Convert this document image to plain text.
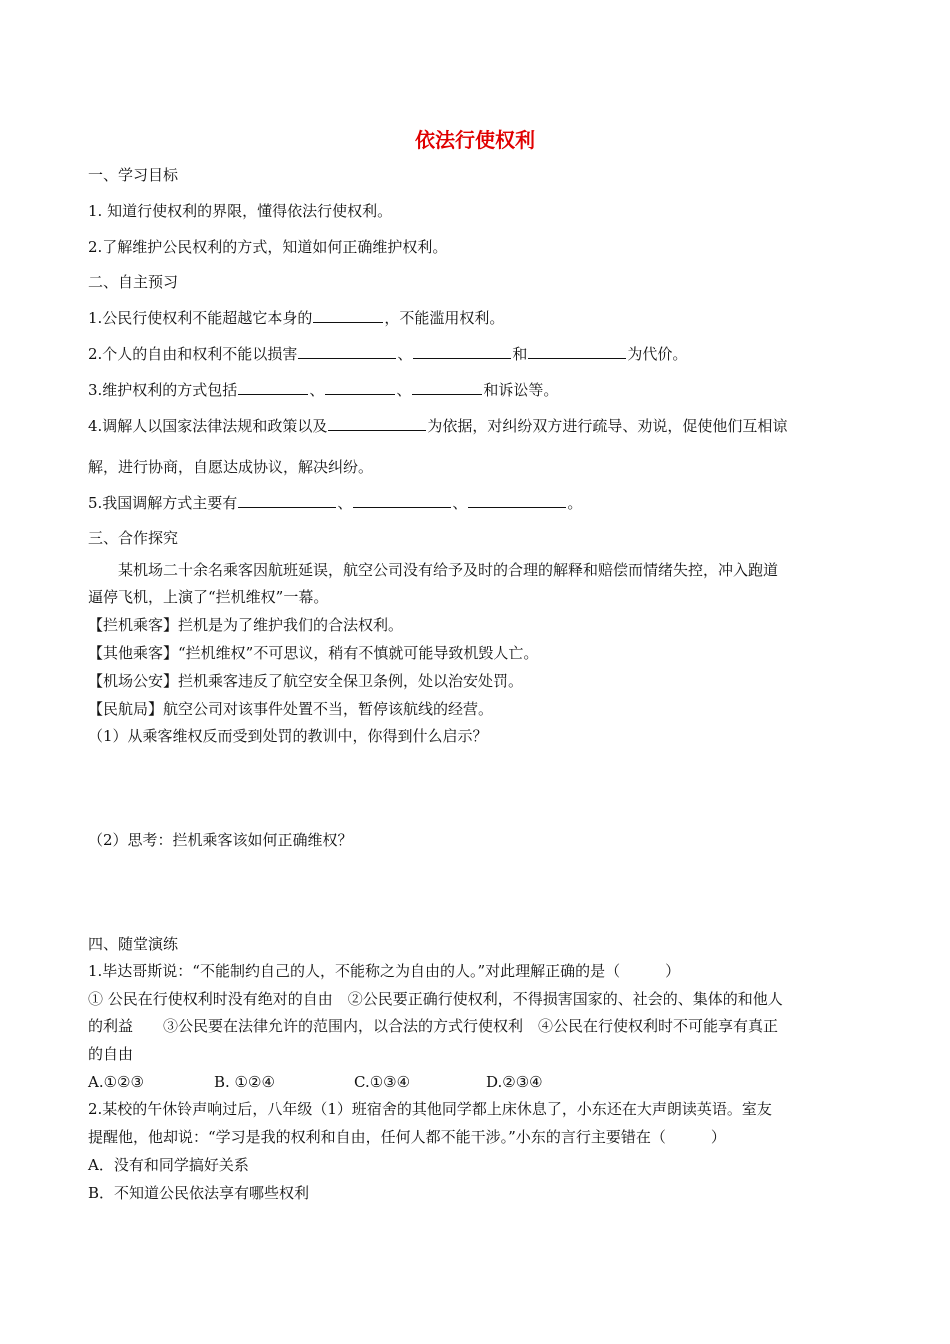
依法行使权利
一、学习目标
1. 知道行使权利的界限，懂得依法行使权利。
2.了解维护公民权利的方式，知道如何正确维护权利。
二、自主预习
1.公民行使权利不能超越它本身的	，不能滥用权利。
2.个人的自由和权利不能以损害	、	和	为代价。
3.维护权利的方式包括	、	、	和诉讼等。
4.调解人以国家法律法规和政策以及	为依据，对纠纷双方进行疏导、劝说，促使他们互相谅
解，进行协商，自愿达成协议，解决纠纷。
5.我国调解方式主要有	、	、	。
三、合作探究
某机场二十余名乘客因航班延误，航空公司没有给予及时的合理的解释和赔偿而情绪失控，冲入跑道
逼停飞机，上演了“拦机维权”一幕。
【拦机乘客】拦机是为了维护我们的合法权利。
【其他乘客】“拦机维权”不可思议，稍有不慎就可能导致机毁人亡。
【机场公安】拦机乘客违反了航空安全保卫条例，处以治安处罚。
【民航局】航空公司对该事件处置不当，暂停该航线的经营。
（1）从乘客维权反而受到处罚的教训中，你得到什么启示？
（2）思考：拦机乘客该如何正确维权？
四、随堂演练
1.毕达哥斯说：“不能制约自己的人，不能称之为自由的人。”对此理解正确的是（　　　）
① 公民在行使权利时没有绝对的自由　②公民要正确行使权利，不得损害国家的、社会的、集体的和他人
的利益　　③公民要在法律允许的范围内，以合法的方式行使权利　④公民在行使权利时不可能享有真正
的自由
A.①②③	B. ①②④	C.①③④	D.②③④
2.某校的午休铃声响过后，八年级（1）班宿舍的其他同学都上床休息了，小东还在大声朗读英语。室友
提醒他，他却说：“学习是我的权利和自由，任何人都不能干涉。”小东的言行主要错在（　　　）
A．没有和同学搞好关系
B．不知道公民依法享有哪些权利
